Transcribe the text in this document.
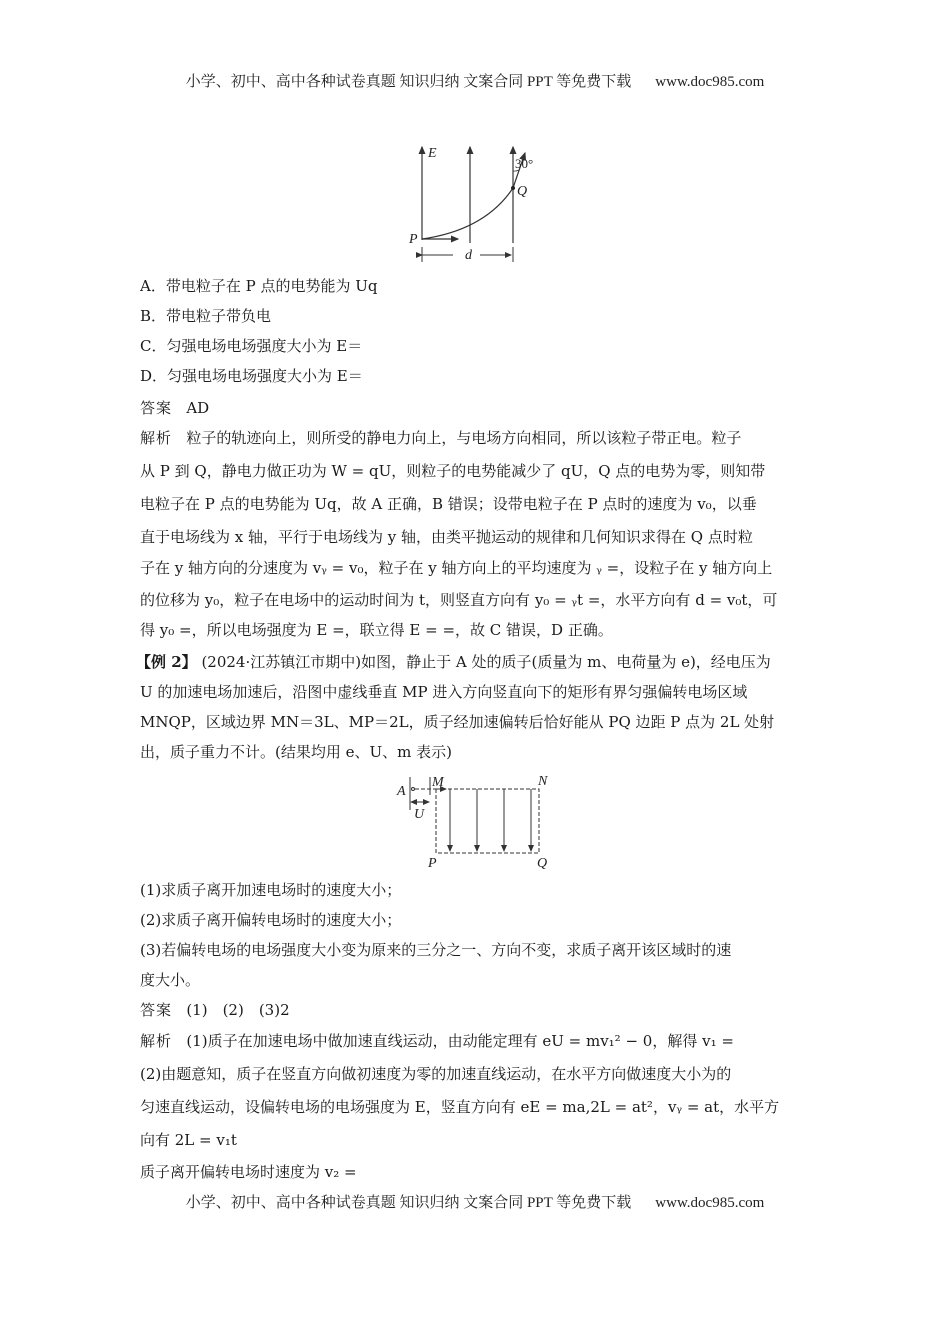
小学、初中、高中各种试卷真题 知识归纳 文案合同 PPT 等免费下载 www.doc985.com
E
30°
Q
P
d
A．带电粒子在 P 点的电势能为 Uq
B．带电粒子带负电
C．匀强电场电场强度大小为 E＝
D．匀强电场电场强度大小为 E＝
答案 AD
解析 粒子的轨迹向上，则所受的静电力向上，与电场方向相同，所以该粒子带正电。粒子
从 P 到 Q，静电力做正功为 W = qU，则粒子的电势能减少了 qU，Q 点的电势为零，则知带
电粒子在 P 点的电势能为 Uq，故 A 正确，B 错误；设带电粒子在 P 点时的速度为 v₀，以垂
直于电场线为 x 轴，平行于电场线为 y 轴，由类平抛运动的规律和几何知识求得在 Q 点时粒
子在 y 轴方向的分速度为 vᵧ = v₀，粒子在 y 轴方向上的平均速度为 ᵧ =，设粒子在 y 轴方向上
的位移为 y₀，粒子在电场中的运动时间为 t，则竖直方向有 y₀ = ᵧt =，水平方向有 d = v₀t，可
得 y₀ =，所以电场强度为 E =，联立得 E = =，故 C 错误，D 正确。
【例 2】 (2024·江苏镇江市期中)如图，静止于 A 处的质子(质量为 m、电荷量为 e)，经电压为
U 的加速电场加速后，沿图中虚线垂直 MP 进入方向竖直向下的矩形有界匀强偏转电场区域
MNQP，区域边界 MN＝3L、MP＝2L，质子经加速偏转后恰好能从 PQ 边距 P 点为 2L 处射
出，质子重力不计。(结果均用 e、U、m 表示)
A
M	N
U
P	Q
(1)求质子离开加速电场时的速度大小；
(2)求质子离开偏转电场时的速度大小；
(3)若偏转电场的电场强度大小变为原来的三分之一、方向不变，求质子离开该区域时的速
度大小。
答案 (1)　(2)　(3)2
解析 (1)质子在加速电场中做加速直线运动，由动能定理有 eU = mv₁² − 0，解得 v₁ =
(2)由题意知，质子在竖直方向做初速度为零的加速直线运动，在水平方向做速度大小为的
匀速直线运动，设偏转电场的电场强度为 E，竖直方向有 eE = ma,2L = at²，vᵧ = at，水平方
向有 2L = v₁t
质子离开偏转电场时速度为 v₂ =
小学、初中、高中各种试卷真题 知识归纳 文案合同 PPT 等免费下载 www.doc985.com
